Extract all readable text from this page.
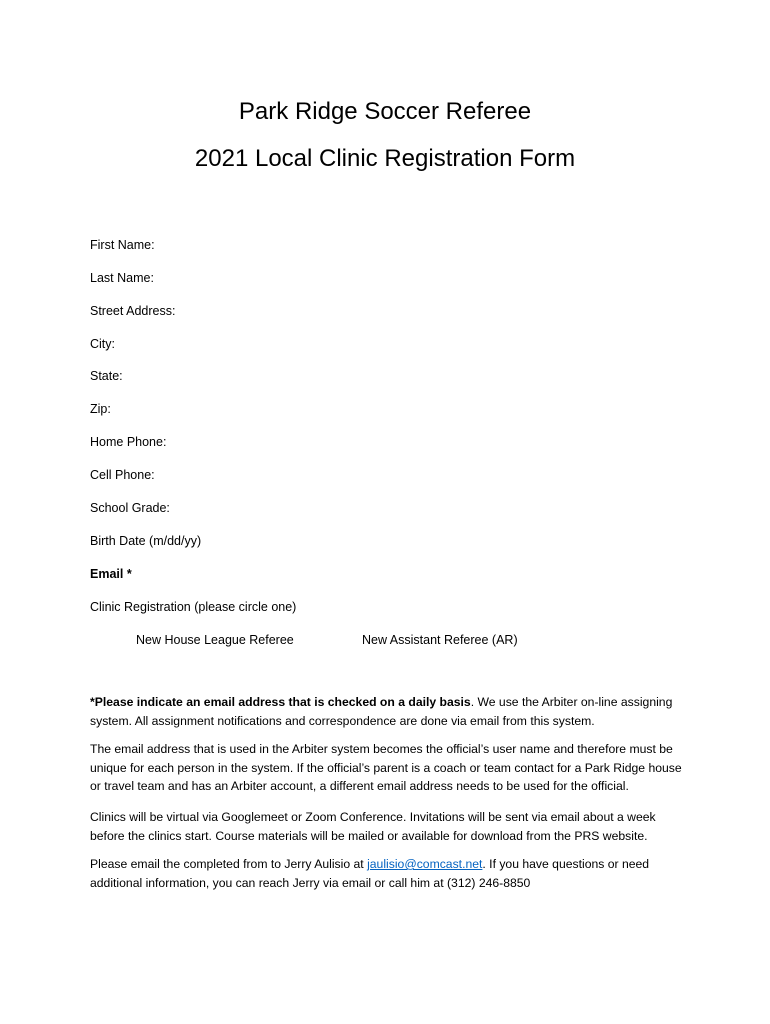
Park Ridge Soccer Referee
2021 Local Clinic Registration Form
First Name:
Last Name:
Street Address:
City:
State:
Zip:
Home Phone:
Cell Phone:
School Grade:
Birth Date (m/dd/yy)
Email *
Clinic Registration (please circle one)
New House League Referee	New Assistant Referee (AR)

*Please indicate an email address that is checked on a daily basis. We use the Arbiter on-line assigning system. All assignment notifications and correspondence are done via email from this system.

The email address that is used in the Arbiter system becomes the official’s user name and therefore must be unique for each person in the system. If the official’s parent is a coach or team contact for a Park Ridge house or travel team and has an Arbiter account, a different email address needs to be used for the official.

Clinics will be virtual via Googlemeet or Zoom Conference. Invitations will be sent via email about a week before the clinics start. Course materials will be mailed or available for download from the PRS website.

Please email the completed from to Jerry Aulisio at jaulisio@comcast.net. If you have questions or need additional information, you can reach Jerry via email or call him at (312) 246-8850
